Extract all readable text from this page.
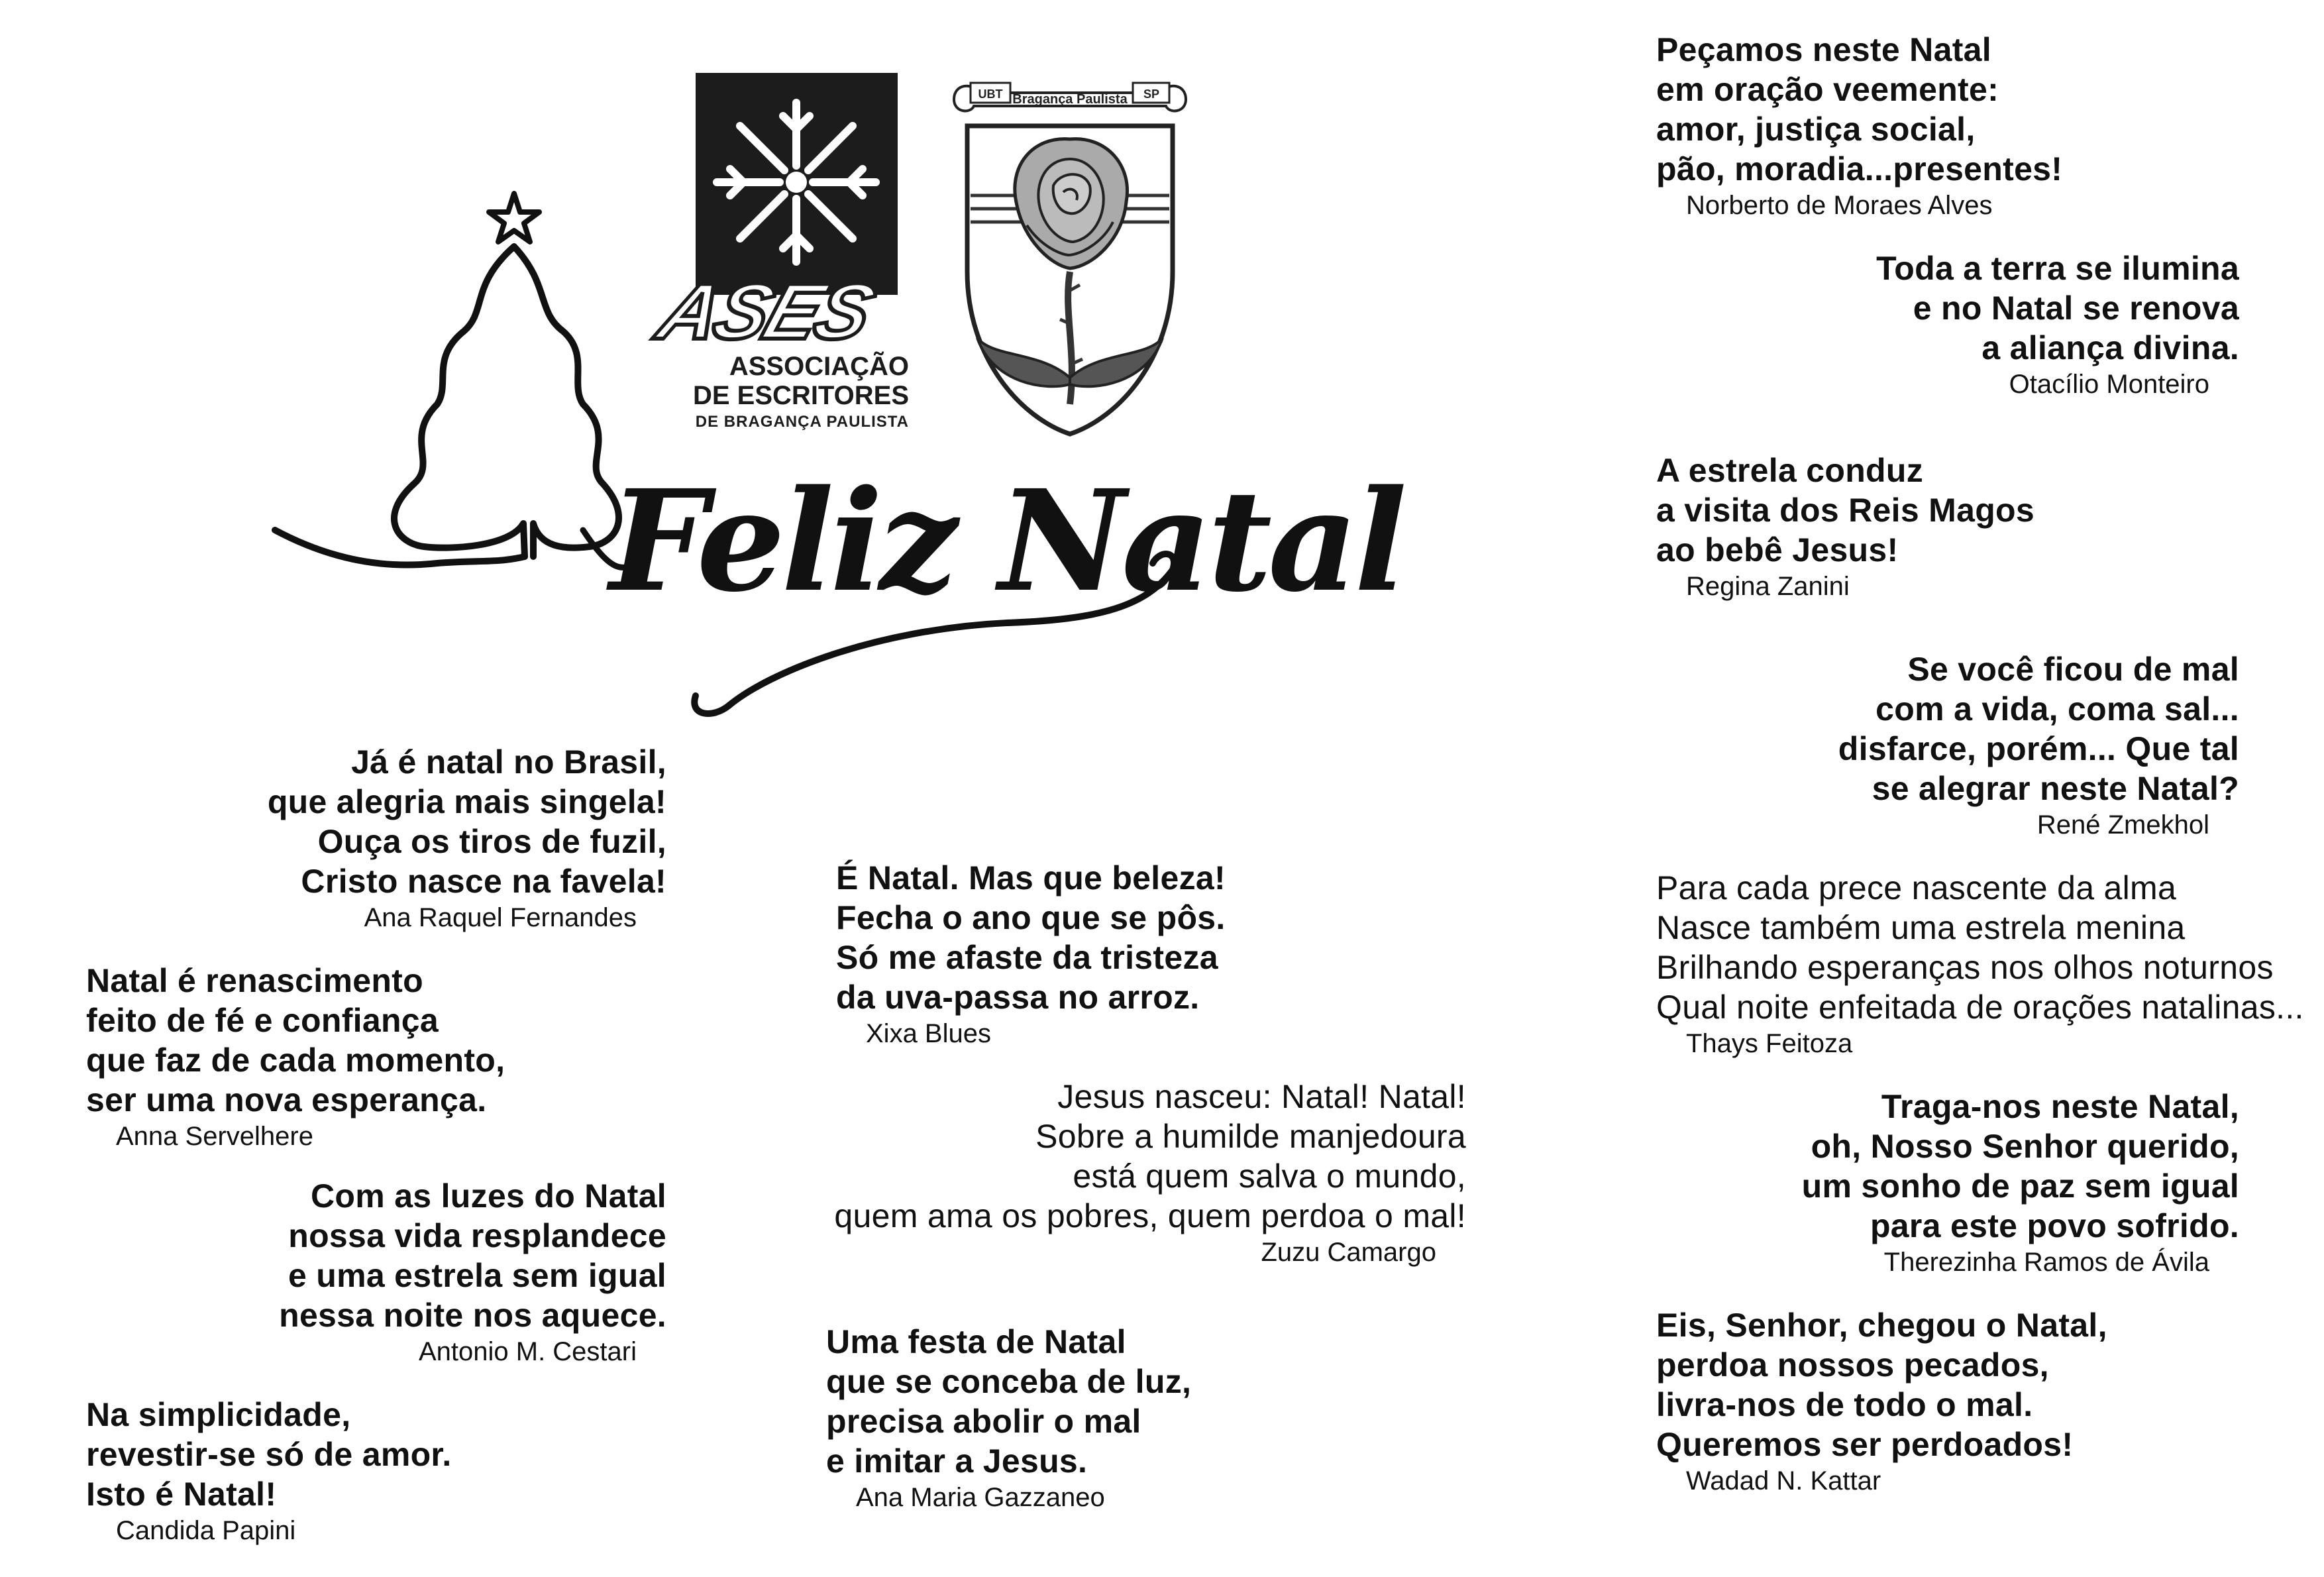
ASES
ASSOCIAÇÃO
DE ESCRITORES
DE BRAGANÇA PAULISTA
UBT Bragança Paulista SP
Feliz Natal
Já é natal no Brasil,
que alegria mais singela!
Ouça os tiros de fuzil,
Cristo nasce na favela!
Ana Raquel Fernandes
Natal é renascimento
feito de fé e confiança
que faz de cada momento,
ser uma nova esperança.
Anna Servelhere
Com as luzes do Natal
nossa vida resplandece
e uma estrela sem igual
nessa noite nos aquece.
Antonio M. Cestari
Na simplicidade,
revestir-se só de amor.
Isto é Natal!
Candida Papini
É Natal. Mas que beleza!
Fecha o ano que se pôs.
Só me afaste da tristeza
da uva-passa no arroz.
Xixa Blues
Jesus nasceu: Natal! Natal!
Sobre a humilde manjedoura
está quem salva o mundo,
quem ama os pobres, quem perdoa o mal!
Zuzu Camargo
Uma festa de Natal
que se conceba de luz,
precisa abolir o mal
e imitar a Jesus.
Ana Maria Gazzaneo
Peçamos neste Natal
em oração veemente:
amor, justiça social,
pão, moradia...presentes!
Norberto de Moraes Alves
Toda a terra se ilumina
e no Natal se renova
a aliança divina.
Otacílio Monteiro
A estrela conduz
a visita dos Reis Magos
ao bebê Jesus!
Regina Zanini
Se você ficou de mal
com a vida, coma sal...
disfarce, porém... Que tal
se alegrar neste Natal?
René Zmekhol
Para cada prece nascente da alma
Nasce também uma estrela menina
Brilhando esperanças nos olhos noturnos
Qual noite enfeitada de orações natalinas...
Thays Feitoza
Traga-nos neste Natal,
oh, Nosso Senhor querido,
um sonho de paz sem igual
para este povo sofrido.
Therezinha Ramos de Ávila
Eis, Senhor, chegou o Natal,
perdoa nossos pecados,
livra-nos de todo o mal.
Queremos ser perdoados!
Wadad N. Kattar
